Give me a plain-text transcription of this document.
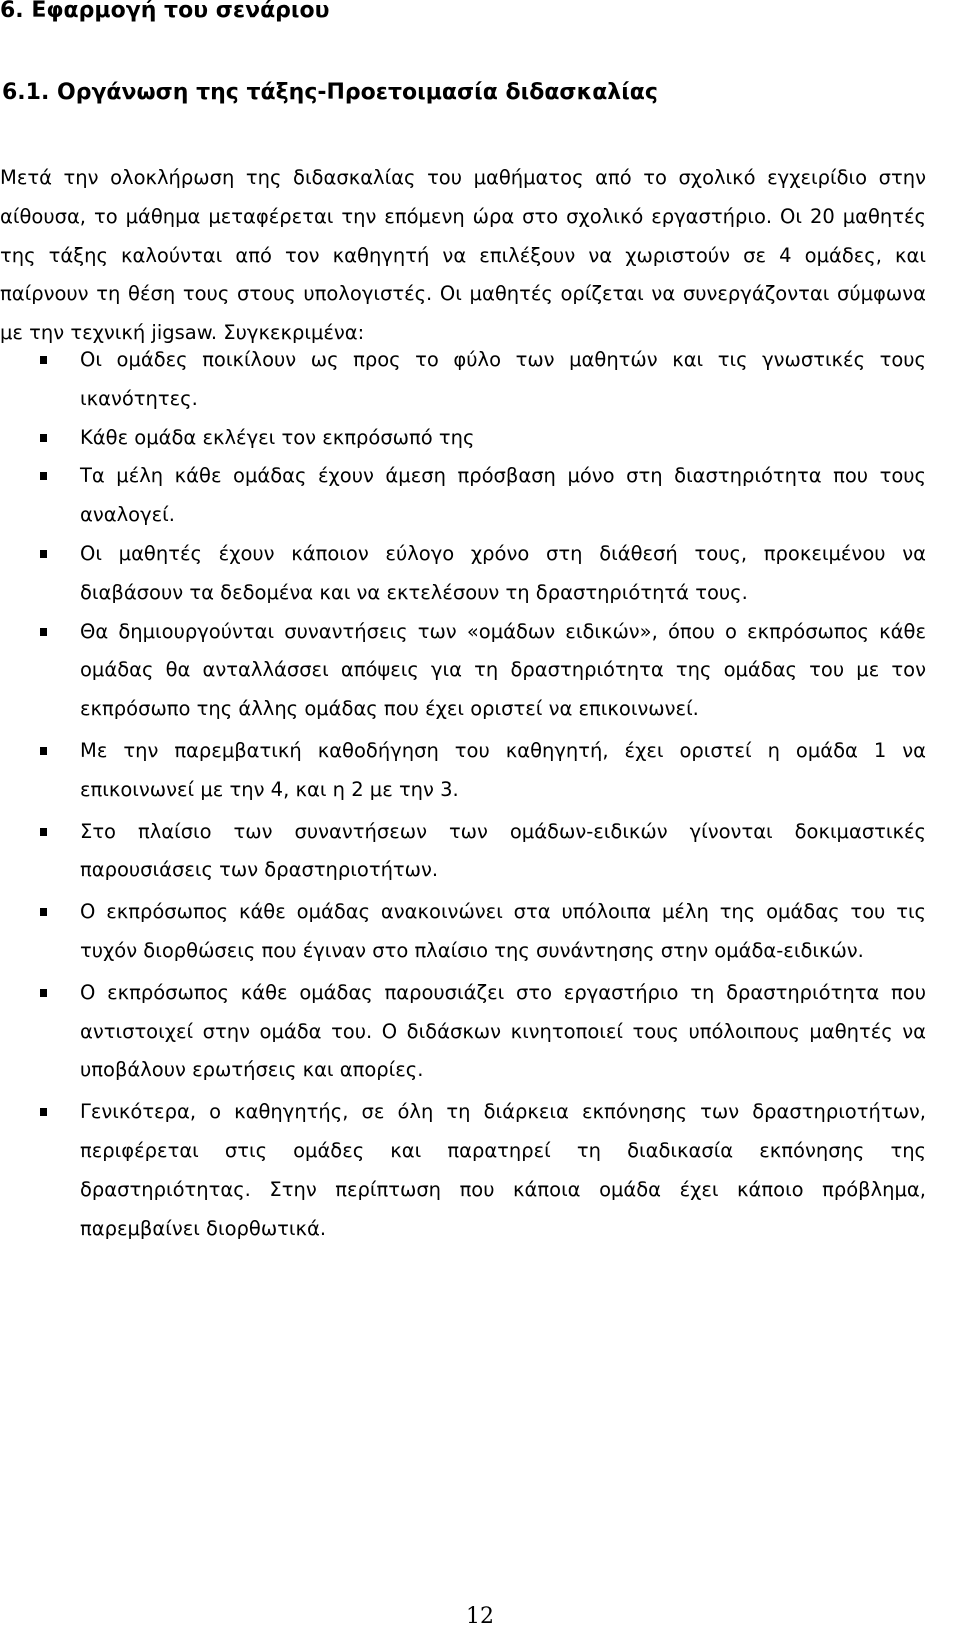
6. Εφαρμογή του σενάριου
6.1. Οργάνωση της τάξης-Προετοιμασία διδασκαλίας
Μετά την ολοκλήρωση της διδασκαλίας του μαθήματος από το σχολικό εγχειρίδιο στην αίθουσα, το μάθημα μεταφέρεται την επόμενη ώρα στο σχολικό εργαστήριο. Οι 20 μαθητές της τάξης καλούνται από τον καθηγητή να επιλέξουν να χωριστούν σε 4 ομάδες, και παίρνουν τη θέση τους στους υπολογιστές. Οι μαθητές ορίζεται να συνεργάζονται σύμφωνα με την τεχνική jigsaw. Συγκεκριμένα:
Οι ομάδες ποικίλουν ως προς το φύλο των μαθητών και τις γνωστικές τους ικανότητες.
Κάθε ομάδα εκλέγει τον εκπρόσωπό της
Τα μέλη κάθε ομάδας έχουν άμεση πρόσβαση μόνο στη διαστηριότητα που τους αναλογεί.
Οι μαθητές έχουν κάποιον εύλογο χρόνο στη διάθεσή τους, προκειμένου να διαβάσουν τα δεδομένα και να εκτελέσουν τη δραστηριότητά τους.
Θα δημιουργούνται συναντήσεις των «ομάδων ειδικών», όπου ο εκπρόσωπος κάθε ομάδας θα ανταλλάσσει απόψεις για τη δραστηριότητα της ομάδας του με τον εκπρόσωπο της άλλης ομάδας που έχει οριστεί να επικοινωνεί.
Με την παρεμβατική καθοδήγηση του καθηγητή, έχει οριστεί η ομάδα 1 να επικοινωνεί με την 4, και η 2 με την 3.
Στο πλαίσιο των συναντήσεων των ομάδων-ειδικών γίνονται δοκιμαστικές παρουσιάσεις των δραστηριοτήτων.
Ο εκπρόσωπος κάθε ομάδας ανακοινώνει στα υπόλοιπα μέλη της ομάδας του τις τυχόν διορθώσεις που έγιναν στο πλαίσιο της συνάντησης στην ομάδα-ειδικών.
Ο εκπρόσωπος κάθε ομάδας παρουσιάζει στο εργαστήριο τη δραστηριότητα που αντιστοιχεί στην ομάδα του. Ο διδάσκων κινητοποιεί τους υπόλοιπους μαθητές να υποβάλουν ερωτήσεις και απορίες.
Γενικότερα, ο καθηγητής, σε όλη τη διάρκεια εκπόνησης των δραστηριοτήτων, περιφέρεται στις ομάδες και παρατηρεί τη διαδικασία εκπόνησης της δραστηριότητας. Στην περίπτωση που κάποια ομάδα έχει κάποιο πρόβλημα, παρεμβαίνει διορθωτικά.
12
